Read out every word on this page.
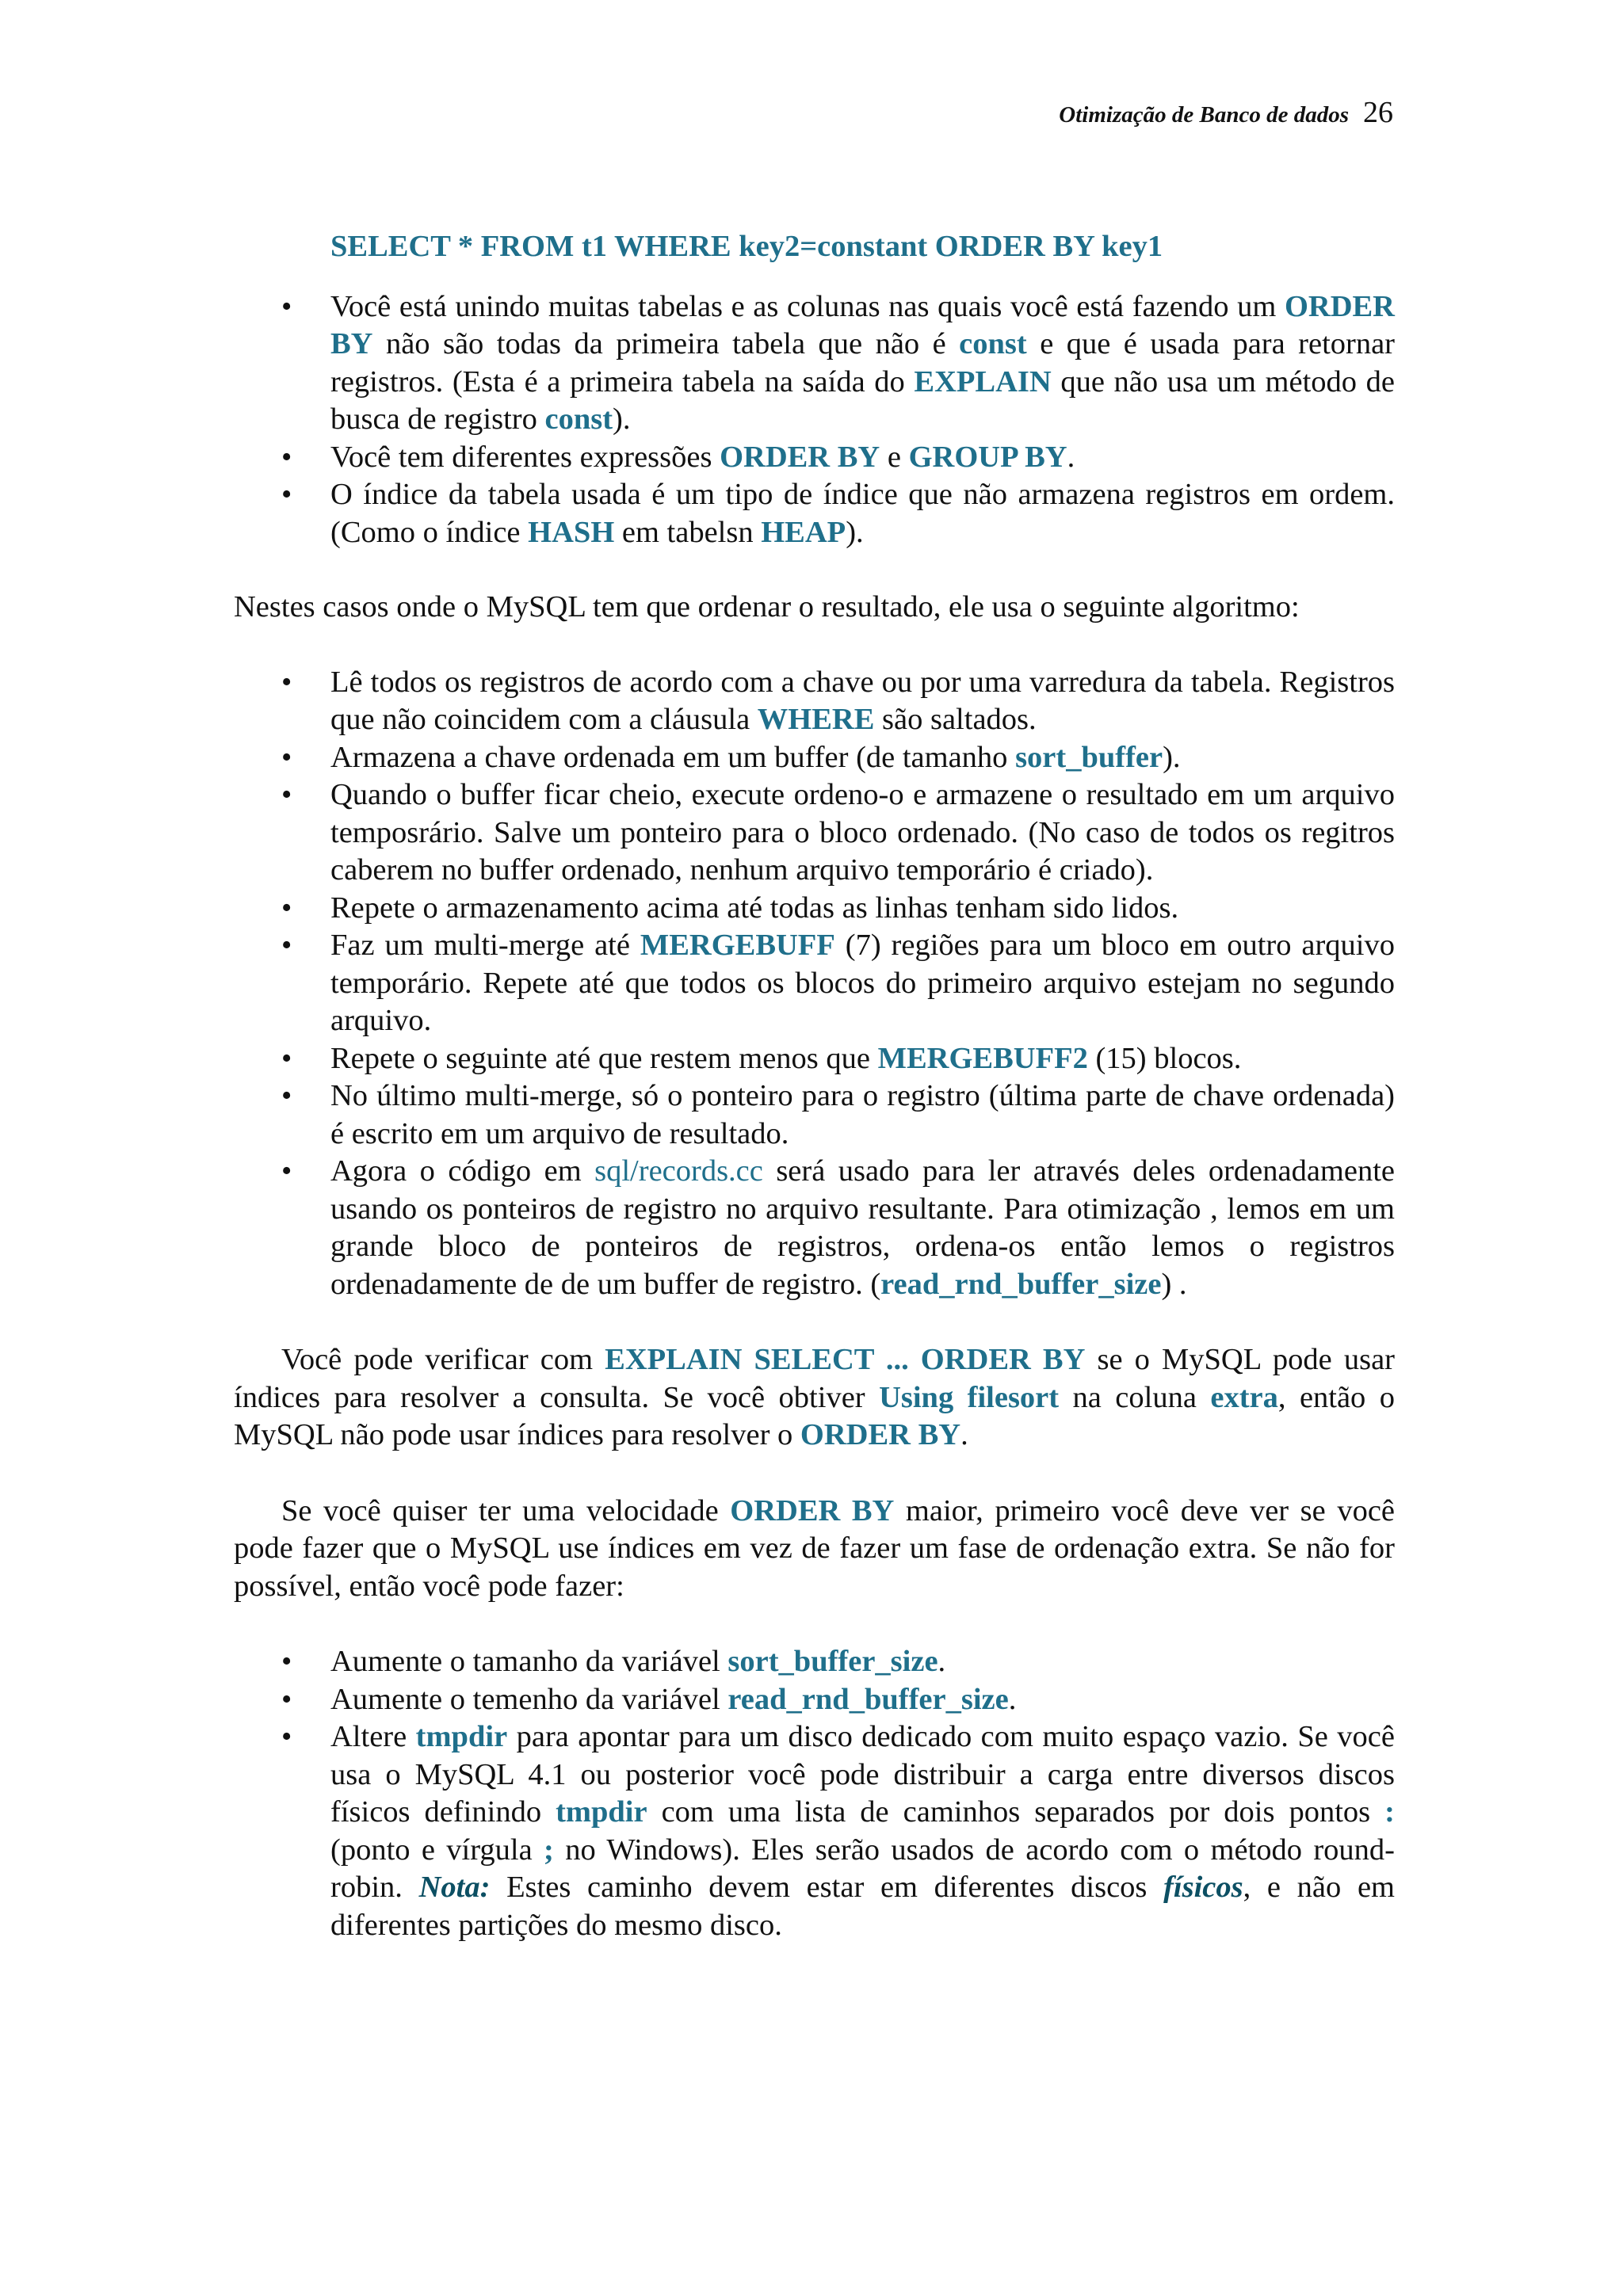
Otimização de Banco de dados 26
SELECT * FROM t1 WHERE key2=constant ORDER BY key1
• Você está unindo muitas tabelas e as colunas nas quais você está fazendo um ORDER BY não são todas da primeira tabela que não é const e que é usada para retornar registros. (Esta é a primeira tabela na saída do EXPLAIN que não usa um método de busca de registro const).
• Você tem diferentes expressões ORDER BY e GROUP BY.
• O índice da tabela usada é um tipo de índice que não armazena registros em ordem. (Como o índice HASH em tabelsn HEAP).

Nestes casos onde o MySQL tem que ordenar o resultado, ele usa o seguinte algoritmo:

• Lê todos os registros de acordo com a chave ou por uma varredura da tabela. Registros que não coincidem com a cláusula WHERE são saltados.
• Armazena a chave ordenada em um buffer (de tamanho sort_buffer).
• Quando o buffer ficar cheio, execute ordeno-o e armazene o resultado em um arquivo temposrário. Salve um ponteiro para o bloco ordenado. (No caso de todos os regitros caberem no buffer ordenado, nenhum arquivo temporário é criado).
• Repete o armazenamento acima até todas as linhas tenham sido lidos.
• Faz um multi-merge até MERGEBUFF (7) regiões para um bloco em outro arquivo temporário. Repete até que todos os blocos do primeiro arquivo estejam no segundo arquivo.
• Repete o seguinte até que restem menos que MERGEBUFF2 (15) blocos.
• No último multi-merge, só o ponteiro para o registro (última parte de chave ordenada) é escrito em um arquivo de resultado.
• Agora o código em sql/records.cc será usado para ler através deles ordenadamente usando os ponteiros de registro no arquivo resultante. Para otimização , lemos em um grande bloco de ponteiros de registros, ordena-os então lemos o registros ordenadamente de de um buffer de registro. (read_rnd_buffer_size) .

Você pode verificar com EXPLAIN SELECT ... ORDER BY se o MySQL pode usar índices para resolver a consulta. Se você obtiver Using filesort na coluna extra, então o MySQL não pode usar índices para resolver o ORDER BY.

Se você quiser ter uma velocidade ORDER BY maior, primeiro você deve ver se você pode fazer que o MySQL use índices em vez de fazer um fase de ordenação extra. Se não for possível, então você pode fazer:

• Aumente o tamanho da variável sort_buffer_size.
• Aumente o temenho da variável read_rnd_buffer_size.
• Altere tmpdir para apontar para um disco dedicado com muito espaço vazio. Se você usa o MySQL 4.1 ou posterior você pode distribuir a carga entre diversos discos físicos definindo tmpdir com uma lista de caminhos separados por dois pontos : (ponto e vírgula ; no Windows). Eles serão usados de acordo com o método round-robin. Nota: Estes caminho devem estar em diferentes discos físicos, e não em diferentes partições do mesmo disco.
